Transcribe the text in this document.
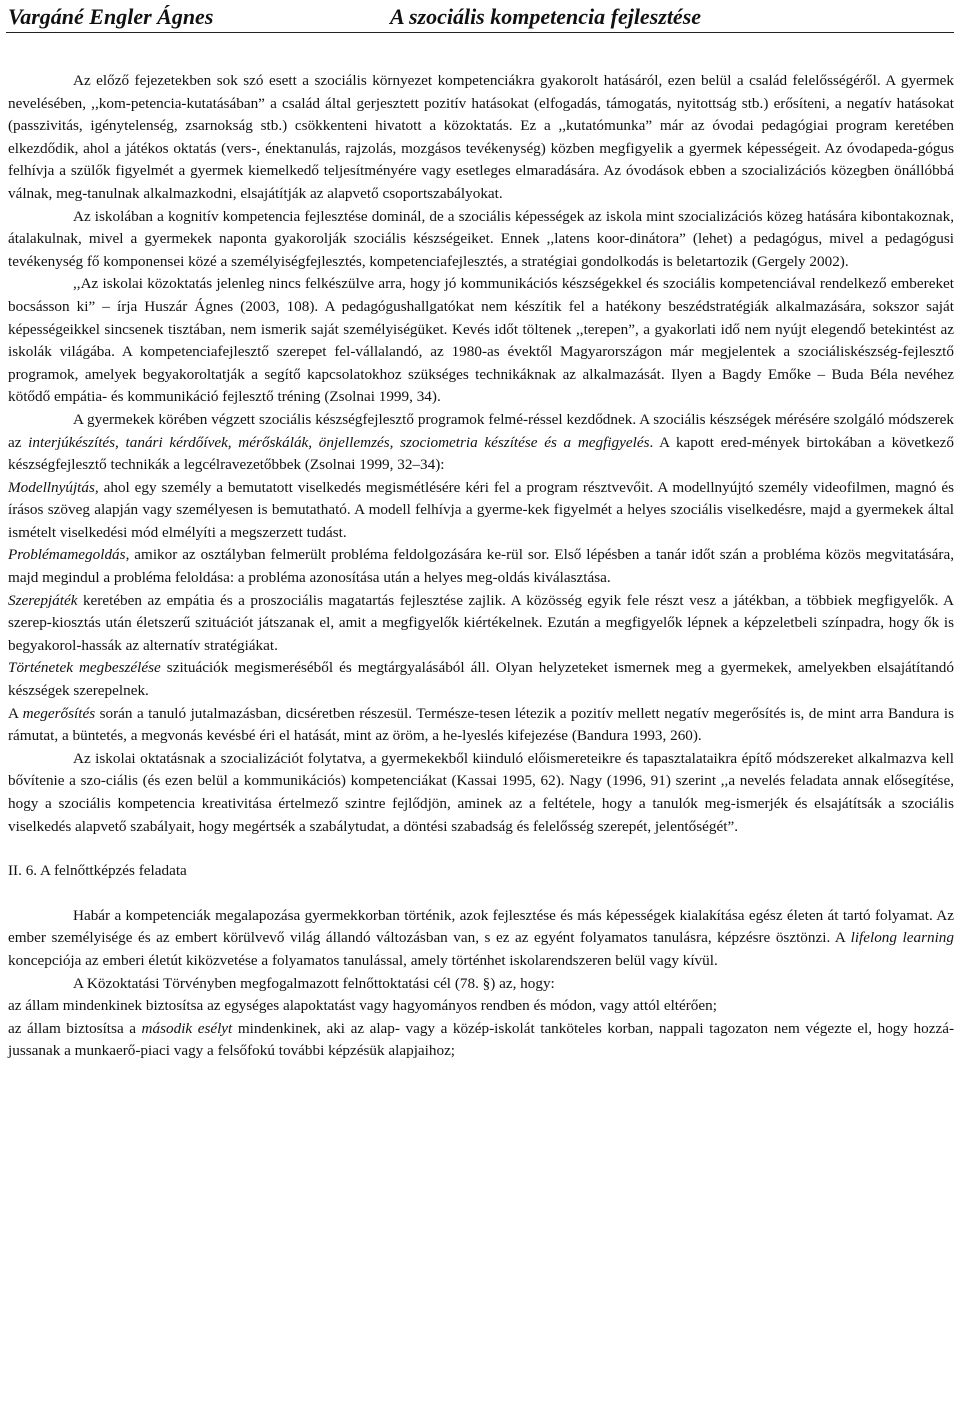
Vargáné Engler Ágnes	A szociális kompetencia fejlesztése

Az előző fejezetekben sok szó esett a szociális környezet kompetenciákra gyakorolt hatásáról, ezen belül a család felelősségéről. A gyermek nevelésében, ,,kom-petencia-kutatásában” a család által gerjesztett pozitív hatásokat (elfogadás, támogatás, nyitottság stb.) erősíteni, a negatív hatásokat (passzivitás, igénytelenség, zsarnokság stb.) csökkenteni hivatott a közoktatás. Ez a ,,kutatómunka” már az óvodai pedagógiai program keretében elkezdődik, ahol a játékos oktatás (vers-, énektanulás, rajzolás, mozgásos tevékenység) közben megfigyelik a gyermek képességeit. Az óvodapeda-gógus felhívja a szülők figyelmét a gyermek kiemelkedő teljesítményére vagy esetleges elmaradására. Az óvodások ebben a szocializációs közegben önállóbbá válnak, meg-tanulnak alkalmazkodni, elsajátítják az alapvető csoportszabályokat.

Az iskolában a kognitív kompetencia fejlesztése dominál, de a szociális képességek az iskola mint szocializációs közeg hatására kibontakoznak, átalakulnak, mivel a gyermekek naponta gyakorolják szociális készségeiket. Ennek ,,latens koor-dinátora” (lehet) a pedagógus, mivel a pedagógusi tevékenység fő komponensei közé a személyiségfejlesztés, kompetenciafejlesztés, a stratégiai gondolkodás is beletartozik (Gergely 2002).

,,Az iskolai közoktatás jelenleg nincs felkészülve arra, hogy jó kommunikációs készségekkel és szociális kompetenciával rendelkező embereket bocsásson ki” – írja Huszár Ágnes (2003, 108). A pedagógushallgatókat nem készítik fel a hatékony beszédstratégiák alkalmazására, sokszor saját képességeikkel sincsenek tisztában, nem ismerik saját személyiségüket. Kevés időt töltenek ,,terepen”, a gyakorlati idő nem nyújt elegendő betekintést az iskolák világába. A kompetenciafejlesztő szerepet fel-vállalandó, az 1980-as évektől Magyarországon már megjelentek a szociáliskészség-fejlesztő programok, amelyek begyakoroltatják a segítő kapcsolatokhoz szükséges technikáknak az alkalmazását. Ilyen a Bagdy Emőke – Buda Béla nevéhez kötődő empátia- és kommunikáció fejlesztő tréning (Zsolnai 1999, 34).

A gyermekek körében végzett szociális készségfejlesztő programok felmé-réssel kezdődnek. A szociális készségek mérésére szolgáló módszerek az interjúkészítés, tanári kérdőívek, mérőskálák, önjellemzés, szociometria készítése és a megfigyelés. A kapott ered-mények birtokában a következő készségfejlesztő technikák a legcélravezetőbbek (Zsolnai 1999, 32–34):

Modellnyújtás, ahol egy személy a bemutatott viselkedés megismétlésére kéri fel a program résztvevőit. A modellnyújtó személy videofilmen, magnó és írásos szöveg alapján vagy személyesen is bemutatható. A modell felhívja a gyerme-kek figyelmét a helyes szociális viselkedésre, majd a gyermekek által ismételt viselkedési mód elmélyíti a megszerzett tudást.

Problémamegoldás, amikor az osztályban felmerült probléma feldolgozására ke-rül sor. Első lépésben a tanár időt szán a probléma közös megvitatására, majd megindul a probléma feloldása: a probléma azonosítása után a helyes meg-oldás kiválasztása.

Szerepjáték keretében az empátia és a proszociális magatartás fejlesztése zajlik. A közösség egyik fele részt vesz a játékban, a többiek megfigyelők. A szerep-kiosztás után életszerű szituációt játszanak el, amit a megfigyelők kiértékelnek. Ezután a megfigyelők lépnek a képzeletbeli színpadra, hogy ők is begyakorol-hassák az alternatív stratégiákat.

Történetek megbeszélése szituációk megismeréséből és megtárgyalásából áll. Olyan helyzeteket ismernek meg a gyermekek, amelyekben elsajátítandó készségek szerepelnek.

A megerősítés során a tanuló jutalmazásban, dicséretben részesül. Természe-tesen létezik a pozitív mellett negatív megerősítés is, de mint arra Bandura is rámutat, a büntetés, a megvonás kevésbé éri el hatását, mint az öröm, a he-lyeslés kifejezése (Bandura 1993, 260).

Az iskolai oktatásnak a szocializációt folytatva, a gyermekekből kiinduló előismereteikre és tapasztalataikra építő módszereket alkalmazva kell bővítenie a szo-ciális (és ezen belül a kommunikációs) kompetenciákat (Kassai 1995, 62). Nagy (1996, 91) szerint ,,a nevelés feladata annak elősegítése, hogy a szociális kompetencia kreativitása értelmező szintre fejlődjön, aminek az a feltétele, hogy a tanulók meg-ismerjék és elsajátítsák a szociális viselkedés alapvető szabályait, hogy megértsék a szabálytudat, a döntési szabadság és felelősség szerepét, jelentőségét”.

II. 6. A felnőttképzés feladata

Habár a kompetenciák megalapozása gyermekkorban történik, azok fejlesztése és más képességek kialakítása egész életen át tartó folyamat. Az ember személyisége és az embert körülvevő világ állandó változásban van, s ez az egyént folyamatos tanulásra, képzésre ösztönzi. A lifelong learning koncepciója az emberi életút kiközvetése a folyamatos tanulással, amely történhet iskolarendszeren belül vagy kívül.

A Közoktatási Törvényben megfogalmazott felnőttoktatási cél (78. §) az, hogy:

az állam mindenkinek biztosítsa az egységes alapoktatást vagy hagyományos rendben és módon, vagy attól eltérően;

az állam biztosítsa a második esélyt mindenkinek, aki az alap- vagy a közép-iskolát tanköteles korban, nappali tagozaton nem végezte el, hogy hozzá-jussanak a munkaerő-piaci vagy a felsőfokú további képzésük alapjaihoz;
